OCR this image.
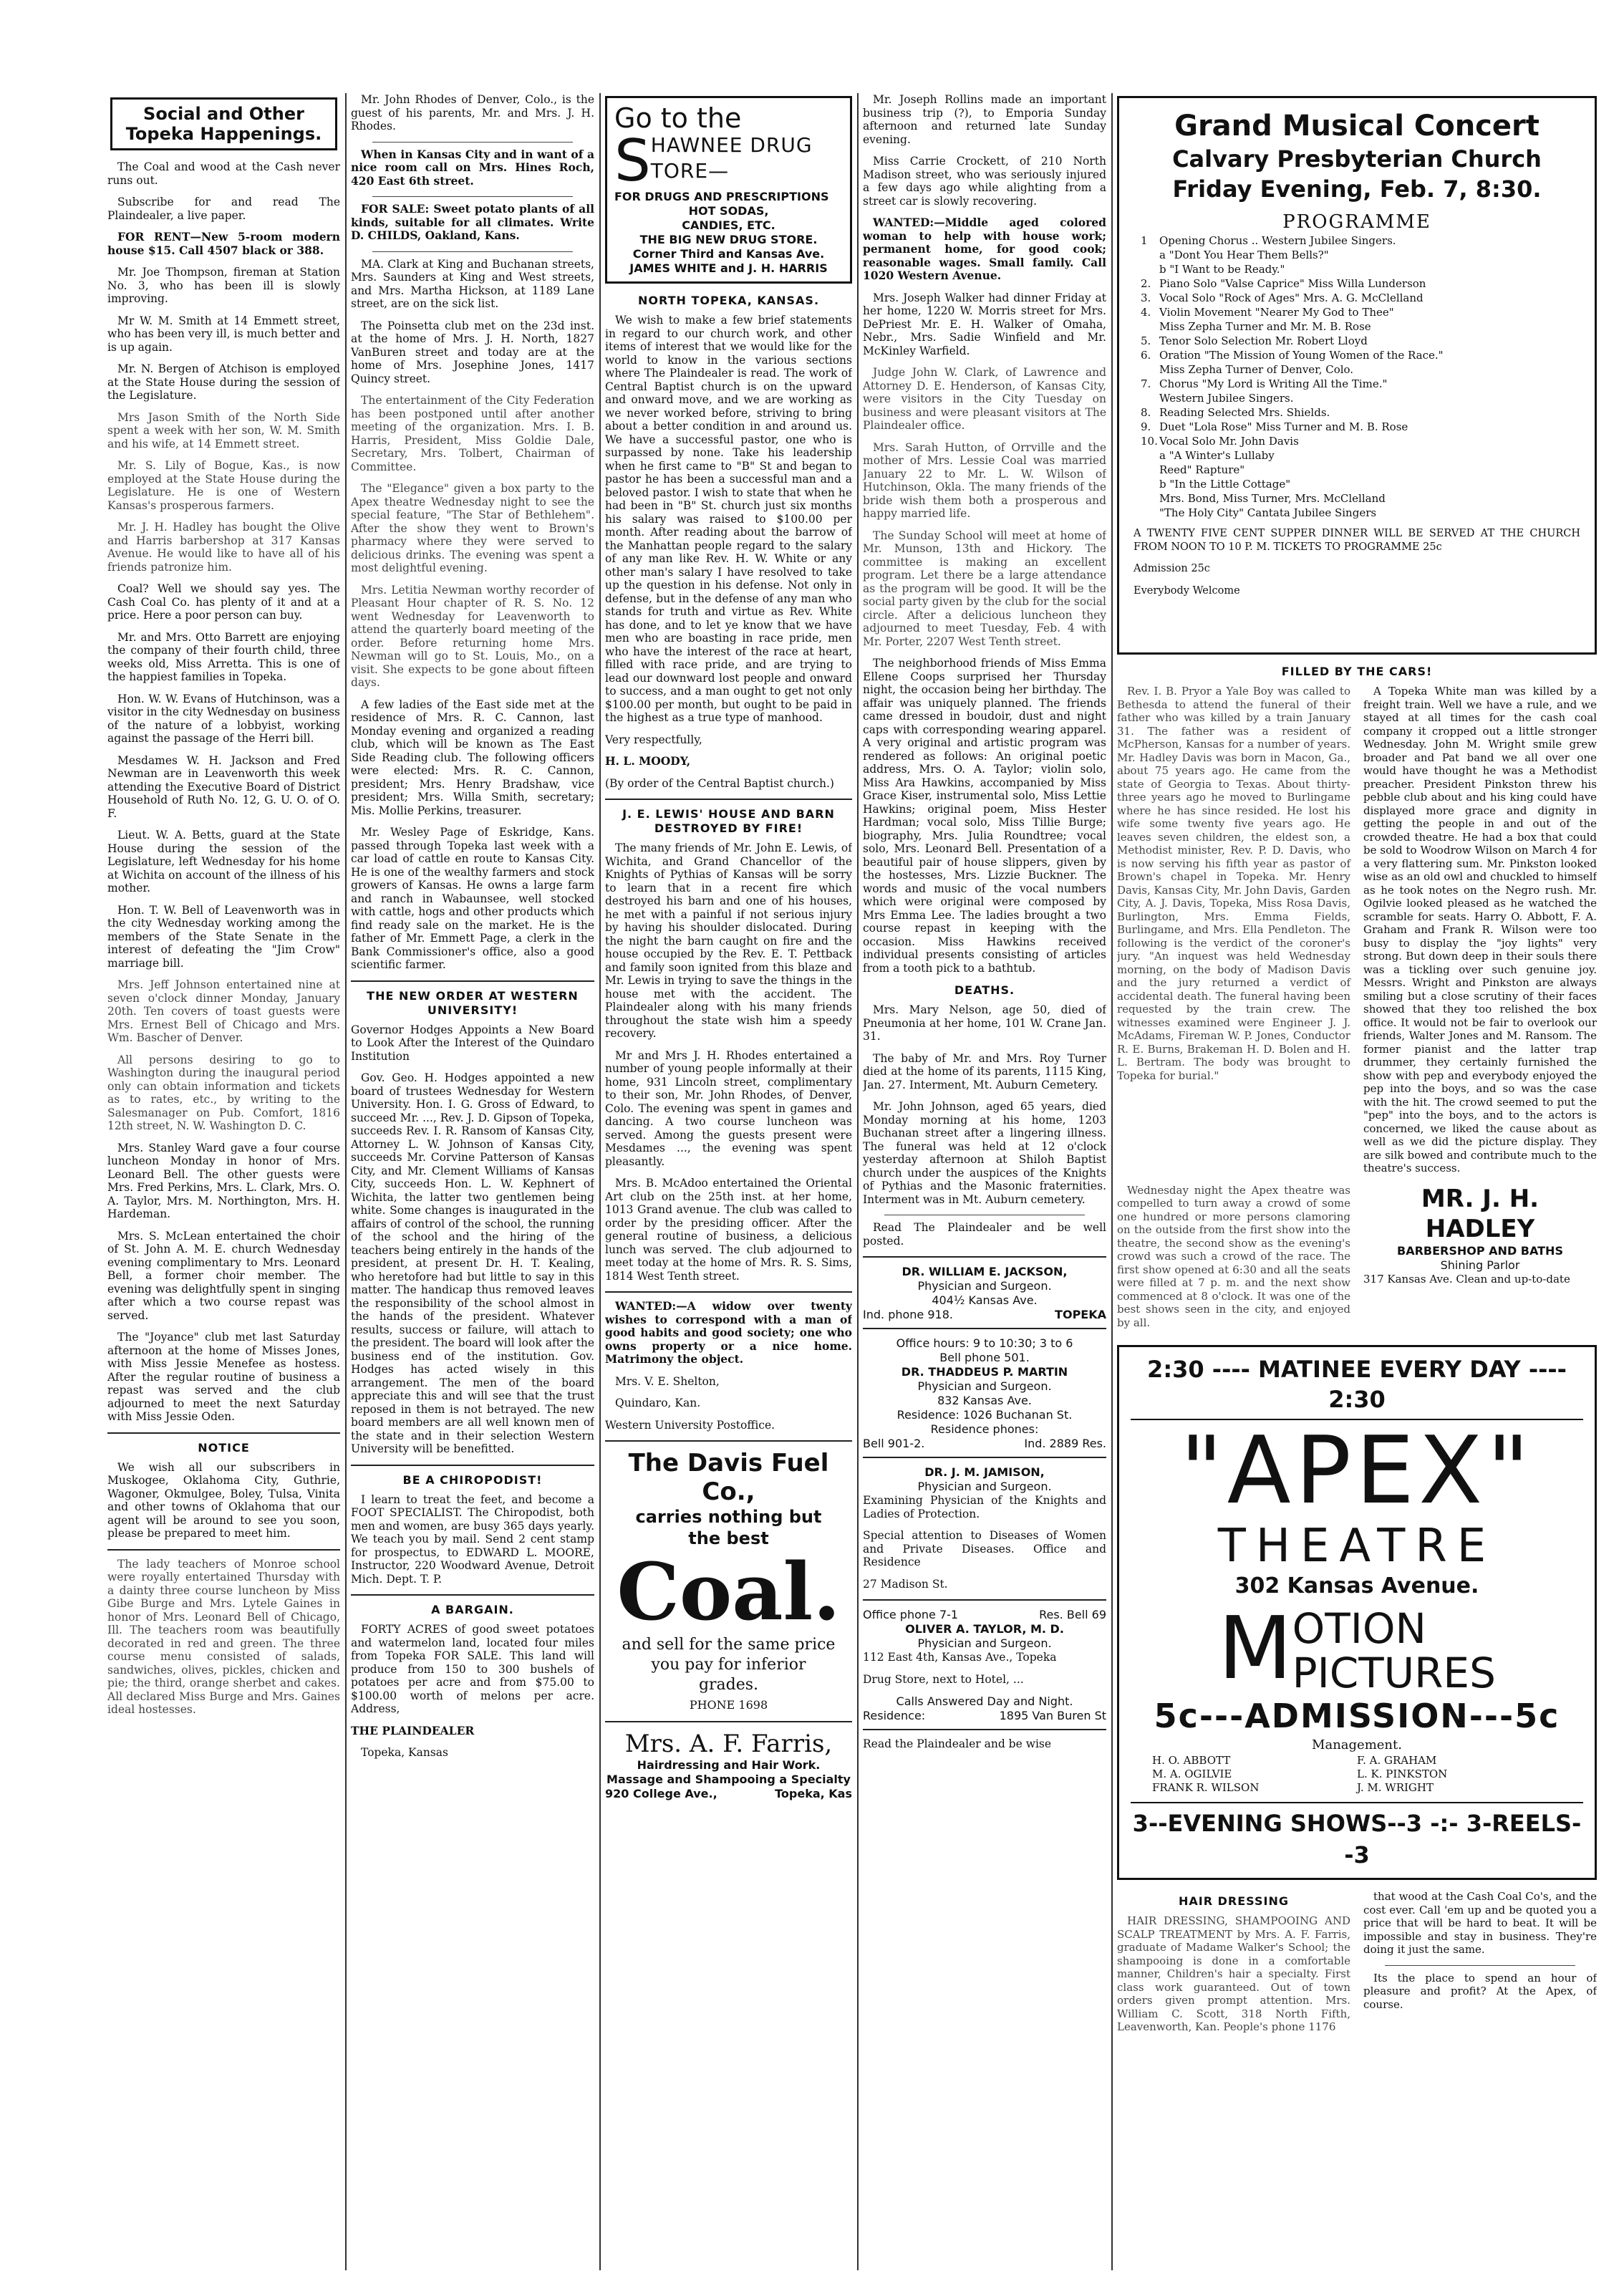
Social and Other Topeka Happenings.

The Coal and wood at the Cash never runs out.

Subscribe for and read The Plaindealer, a live paper.

FOR RENT—New 5-room modern house $15. Call 4507 black or 388.

Mr. Joe Thompson, fireman at Station No. 3, who has been ill is slowly improving.

Mr W. M. Smith at 14 Emmett street, who has been very ill, is much better and is up again.

Mr. N. Bergen of Atchison is employed at the State House during the session of the Legislature.

Mrs Jason Smith of the North Side spent a week with her son, W. M. Smith and his wife, at 14 Emmett street.

Mr. S. Lily of Bogue, Kas., is now employed at the State House during the Legislature. He is one of Western Kansas's prosperous farmers.

Mr. J. H. Hadley has bought the Olive and Harris barbershop at 317 Kansas Avenue. He would like to have all of his friends patronize him.

Coal? Well we should say yes. The Cash Coal Co. has plenty of it and at a price. Here a poor person can buy.

Mr. and Mrs. Otto Barrett are enjoying the company of their fourth child, three weeks old, Miss Arretta. This is one of the happiest families in Topeka.

Hon. W. W. Evans of Hutchinson, was a visitor in the city Wednesday on business of the nature of a lobbyist, working against the passage of the Herri bill.

Mesdames W. H. Jackson and Fred Newman are in Leavenworth this week attending the Executive Board of District Household of Ruth No. 12, G. U. O. of O. F.

Lieut. W. A. Betts, guard at the State House during the session of the Legislature, left Wednesday for his home at Wichita on account of the illness of his mother.

Hon. T. W. Bell of Leavenworth was in the city Wednesday working among the members of the State Senate in the interest of defeating the "Jim Crow" marriage bill.

Mrs. Jeff Johnson entertained nine at seven o'clock dinner Monday, January 20th. Ten covers of toast guests were Mrs. Ernest Bell of Chicago and Mrs. Wm. Bascher of Denver.

All persons desiring to go to Washington during the inaugural period only can obtain information and tickets as to rates, etc., by writing to the Salesmanager on Pub. Comfort, 1816 12th street, N. W. Washington D. C.

Mrs. Stanley Ward gave a four course luncheon Monday in honor of Mrs. Leonard Bell. The other guests were Mrs. Fred Perkins, Mrs. L. Clark, Mrs. O. A. Taylor, Mrs. M. Northington, Mrs. H. Hardeman.

Mrs. S. McLean entertained the choir of St. John A. M. E. church Wednesday evening complimentary to Mrs. Leonard Bell, a former choir member. The evening was delightfully spent in singing after which a two course repast was served.

The "Joyance" club met last Saturday afternoon at the home of Misses Jones, with Miss Jessie Menefee as hostess. After the regular routine of business a repast was served and the club adjourned to meet the next Saturday with Miss Jessie Oden.

NOTICE

We wish all our subscribers in Muskogee, Oklahoma City, Guthrie, Wagoner, Okmulgee, Boley, Tulsa, Vinita and other towns of Oklahoma that our agent will be around to see you soon, please be prepared to meet him.

The lady teachers of Monroe school were royally entertained Thursday with a dainty three course luncheon by Miss Gibe Burge and Mrs. Lytele Gaines in honor of Mrs. Leonard Bell of Chicago, Ill. The teachers room was beautifully decorated in red and green. The three course menu consisted of salads, sandwiches, olives, pickles, chicken and pie; the third, orange sherbet and cakes. All declared Miss Burge and Mrs. Gaines ideal hostesses.

Mr. John Rhodes of Denver, Colo., is the guest of his parents, Mr. and Mrs. J. H. Rhodes.

When in Kansas City and in want of a nice room call on Mrs. Hines Roch, 420 East 6th street.

FOR SALE: Sweet potato plants of all kinds, suitable for all climates. Write D. CHILDS, Oakland, Kans.

MA. Clark at King and Buchanan streets, Mrs. Saunders at King and West streets, and Mrs. Martha Hickson, at 1189 Lane street, are on the sick list.

The Poinsetta club met on the 23d inst. at the home of Mrs. J. H. North, 1827 VanBuren street and today are at the home of Mrs. Josephine Jones, 1417 Quincy street.

The entertainment of the City Federation has been postponed until after another meeting of the organization. Mrs. I. B. Harris, President, Miss Goldie Dale, Secretary, Mrs. Tolbert, Chairman of Committee.

The "Elegance" given a box party to the Apex theatre Wednesday night to see the special feature, "The Star of Bethlehem". After the show they went to Brown's pharmacy where they were served to delicious drinks. The evening was spent a most delightful evening.

Mrs. Letitia Newman worthy recorder of Pleasant Hour chapter of R. S. No. 12 went Wednesday for Leavenworth to attend the quarterly board meeting of the order. Before returning home Mrs. Newman will go to St. Louis, Mo., on a visit. She expects to be gone about fifteen days.

A few ladies of the East side met at the residence of Mrs. R. C. Cannon, last Monday evening and organized a reading club, which will be known as The East Side Reading club. The following officers were elected: Mrs. R. C. Cannon, president; Mrs. Henry Bradshaw, vice president; Mrs. Willa Smith, secretary; Mis. Mollie Perkins, treasurer.

Mr. Wesley Page of Eskridge, Kans. passed through Topeka last week with a car load of cattle en route to Kansas City. He is one of the wealthy farmers and stock growers of Kansas. He owns a large farm and ranch in Wabaunsee, well stocked with cattle, hogs and other products which find ready sale on the market. He is the father of Mr. Emmett Page, a clerk in the Bank Commissioner's office, also a good scientific farmer.

THE NEW ORDER AT WESTERN UNIVERSITY!

Governor Hodges Appoints a New Board to Look After the Interest of the Quindaro Institution

Gov. Geo. H. Hodges appointed a new board of trustees Wednesday for Western University. Hon. I. G. Gross of Edward, to succeed Mr. ..., Rev. J. D. Gipson of Topeka, succeeds Rev. I. R. Ransom of Kansas City, Attorney L. W. Johnson of Kansas City, succeeds Mr. Corvine Patterson of Kansas City, and Mr. Clement Williams of Kansas City, succeeds Hon. L. W. Kephnert of Wichita, the latter two gentlemen being white. Some changes is inaugurated in the affairs of control of the school, the running of the school and the hiring of the teachers being entirely in the hands of the president, at present Dr. H. T. Kealing, who heretofore had but little to say in this matter. The handicap thus removed leaves the responsibility of the school almost in the hands of the president. Whatever results, success or failure, will attach to the president. The board will look after the business end of the institution. Gov. Hodges has acted wisely in this arrangement. The men of the board appreciate this and will see that the trust reposed in them is not betrayed. The new board members are all well known men of the state and in their selection Western University will be benefitted.

BE A CHIROPODIST!

I learn to treat the feet, and become a FOOT SPECIALIST. The Chiropodist, both men and women, are busy 365 days yearly. We teach you by mail. Send 2 cent stamp for prospectus, to EDWARD L. MOORE, Instructor, 220 Woodward Avenue, Detroit Mich. Dept. T. P.

A BARGAIN.

FORTY ACRES of good sweet potatoes and watermelon land, located four miles from Topeka FOR SALE. This land will produce from 150 to 300 bushels of potatoes per acre and from $75.00 to $100.00 worth of melons per acre. Address,

THE PLAINDEALER

Topeka, Kansas

Go to the
S HAWNEE DRUG
TORE—
FOR DRUGS AND PRESCRIPTIONS
HOT SODAS,
CANDIES, ETC.
THE BIG NEW DRUG STORE.
Corner Third and Kansas Ave.
JAMES WHITE and J. H. HARRIS
NORTH TOPEKA, KANSAS.

We wish to make a few brief statements in regard to our church work, and other items of interest that we would like for the world to know in the various sections where The Plaindealer is read. The work of Central Baptist church is on the upward and onward move, and we are working as we never worked before, striving to bring about a better condition in and around us. We have a successful pastor, one who is surpassed by none. Take his leadership when he first came to "B" St and began to pastor he has been a successful man and a beloved pastor. I wish to state that when he had been in "B" St. church just six months his salary was raised to $100.00 per month. After reading about the barrow of the Manhattan people regard to the salary of any man like Rev. H. W. White or any other man's salary I have resolved to take up the question in his defense. Not only in defense, but in the defense of any man who stands for truth and virtue as Rev. White has done, and to let ye know that we have men who are boasting in race pride, men who have the interest of the race at heart, filled with race pride, and are trying to lead our downward lost people and onward to success, and a man ought to get not only $100.00 per month, but ought to be paid in the highest as a true type of manhood.

Very respectfully,

H. L. MOODY,

(By order of the Central Baptist church.)

J. E. LEWIS' HOUSE AND BARN DESTROYED BY FIRE!

The many friends of Mr. John E. Lewis, of Wichita, and Grand Chancellor of the Knights of Pythias of Kansas will be sorry to learn that in a recent fire which destroyed his barn and one of his houses, he met with a painful if not serious injury by having his shoulder dislocated. During the night the barn caught on fire and the house occupied by the Rev. E. T. Pettback and family soon ignited from this blaze and Mr. Lewis in trying to save the things in the house met with the accident. The Plaindealer along with his many friends throughout the state wish him a speedy recovery.

Mr and Mrs J. H. Rhodes entertained a number of young people informally at their home, 931 Lincoln street, complimentary to their son, Mr. John Rhodes, of Denver, Colo. The evening was spent in games and dancing. A two course luncheon was served. Among the guests present were Mesdames ..., the evening was spent pleasantly.

Mrs. B. McAdoo entertained the Oriental Art club on the 25th inst. at her home, 1013 Grand avenue. The club was called to order by the presiding officer. After the general routine of business, a delicious lunch was served. The club adjourned to meet today at the home of Mrs. R. S. Sims, 1814 West Tenth street.

WANTED:—A widow over twenty wishes to correspond with a man of good habits and good society; one who owns property or a nice home. Matrimony the object.

Mrs. V. E. Shelton,

Quindaro, Kan.

Western University Postoffice.

The Davis Fuel Co.,
carries nothing but
the best
Coal.
and sell for the same price
you pay for inferior
grades.
PHONE 1698
Mrs. A. F. Farris,
Hairdressing and Hair Work.
Massage and Shampooing a Specialty
920 College Ave.,	Topeka, Kas

Mr. Joseph Rollins made an important business trip (?), to Emporia Sunday afternoon and returned late Sunday evening.

Miss Carrie Crockett, of 210 North Madison street, who was seriously injured a few days ago while alighting from a street car is slowly recovering.

WANTED:—Middle aged colored woman to help with house work; permanent home, for good cook; reasonable wages. Small family. Call 1020 Western Avenue.

Mrs. Joseph Walker had dinner Friday at her home, 1220 W. Morris street for Mrs. DePriest Mr. E. H. Walker of Omaha, Nebr., Mrs. Sadie Winfield and Mr. McKinley Warfield.

Judge John W. Clark, of Lawrence and Attorney D. E. Henderson, of Kansas City, were visitors in the City Tuesday on business and were pleasant visitors at The Plaindealer office.

Mrs. Sarah Hutton, of Orrville and the mother of Mrs. Lessie Coal was married January 22 to Mr. L. W. Wilson of Hutchinson, Okla. The many friends of the bride wish them both a prosperous and happy married life.

The Sunday School will meet at home of Mr. Munson, 13th and Hickory. The committee is making an excellent program. Let there be a large attendance as the program will be good. It will be the social party given by the club for the social circle. After a delicious luncheon they adjourned to meet Tuesday, Feb. 4 with Mr. Porter, 2207 West Tenth street.

The neighborhood friends of Miss Emma Ellene Coops surprised her Thursday night, the occasion being her birthday. The affair was uniquely planned. The friends came dressed in boudoir, dust and night caps with corresponding wearing apparel. A very original and artistic program was rendered as follows: An original poetic address, Mrs. O. A. Taylor; violin solo, Miss Ara Hawkins, accompanied by Miss Grace Kiser, instrumental solo, Miss Lettie Hawkins; original poem, Miss Hester Hardman; vocal solo, Miss Tillie Burge; biography, Mrs. Julia Roundtree; vocal solo, Mrs. Leonard Bell. Presentation of a beautiful pair of house slippers, given by the hostesses, Mrs. Lizzie Buckner. The words and music of the vocal numbers which were original were composed by Mrs Emma Lee. The ladies brought a two course repast in keeping with the occasion. Miss Hawkins received individual presents consisting of articles from a tooth pick to a bathtub.

DEATHS.

Mrs. Mary Nelson, age 50, died of Pneumonia at her home, 101 W. Crane Jan. 31.

The baby of Mr. and Mrs. Roy Turner died at the home of its parents, 1115 King, Jan. 27. Interment, Mt. Auburn Cemetery.

Mr. John Johnson, aged 65 years, died Monday morning at his home, 1203 Buchanan street after a lingering illness. The funeral was held at 12 o'clock yesterday afternoon at Shiloh Baptist church under the auspices of the Knights of Pythias and the Masonic fraternities. Interment was in Mt. Auburn cemetery.

Read The Plaindealer and be well posted.

DR. WILLIAM E. JACKSON,
Physician and Surgeon.
404½ Kansas Ave.
Ind. phone 918.	TOPEKA
Office hours: 9 to 10:30; 3 to 6
Bell phone 501.
DR. THADDEUS P. MARTIN
Physician and Surgeon.
832 Kansas Ave.
Residence: 1026 Buchanan St.
Residence phones:
Bell 901-2.	Ind. 2889 Res.
DR. J. M. JAMISON,
Physician and Surgeon.

Examining Physician of the Knights and Ladies of Protection.

Special attention to Diseases of Women and Private Diseases. Office and Residence

27 Madison St.

Office phone 7-1	Res. Bell 69
OLIVER A. TAYLOR, M. D.
Physician and Surgeon.

112 East 4th, Kansas Ave., Topeka

Drug Store, next to Hotel, ...

Calls Answered Day and Night.
Residence:	1895 Van Buren St

Read the Plaindealer and be wise

Grand Musical Concert
Calvary Presbyterian Church
Friday Evening, Feb. 7, 8:30.
PROGRAMME
1 Opening Chorus .. Western Jubilee Singers.
a "Dont You Hear Them Bells?"
b "I Want to be Ready."
2. Piano Solo "Valse Caprice" Miss Willa Lunderson
3. Vocal Solo "Rock of Ages" Mrs. A. G. McClelland
4. Violin Movement "Nearer My God to Thee"
Miss Zepha Turner and Mr. M. B. Rose
5. Tenor Solo Selection Mr. Robert Lloyd
6. Oration "The Mission of Young Women of the Race."
Miss Zepha Turner of Denver, Colo.
7. Chorus "My Lord is Writing All the Time."
Western Jubilee Singers.
8. Reading Selected Mrs. Shields.
9. Duet "Lola Rose" Miss Turner and M. B. Rose
10. Vocal Solo Mr. John Davis
a "A Winter's Lullaby
Reed" Rapture"
b "In the Little Cottage"
Mrs. Bond, Miss Turner, Mrs. McClelland
"The Holy City" Cantata Jubilee Singers

A TWENTY FIVE CENT SUPPER DINNER WILL BE SERVED AT THE CHURCH FROM NOON TO 10 P. M. TICKETS TO PROGRAMME 25c

Admission 25c

Everybody Welcome

FILLED BY THE CARS!

Rev. I. B. Pryor a Yale Boy was called to Bethesda to attend the funeral of their father who was killed by a train January 31. The father was a resident of McPherson, Kansas for a number of years. Mr. Hadley Davis was born in Macon, Ga., about 75 years ago. He came from the state of Georgia to Texas. About thirty-three years ago he moved to Burlingame where he has since resided. He lost his wife some twenty five years ago. He leaves seven children, the eldest son, a Methodist minister, Rev. P. D. Davis, who is now serving his fifth year as pastor of Brown's chapel in Topeka. Mr. Henry Davis, Kansas City, Mr. John Davis, Garden City, A. J. Davis, Topeka, Miss Rosa Davis, Burlington, Mrs. Emma Fields, Burlingame, and Mrs. Ella Pendleton. The following is the verdict of the coroner's jury. "An inquest was held Wednesday morning, on the body of Madison Davis and the jury returned a verdict of accidental death. The funeral having been requested by the train crew. The witnesses examined were Engineer J. J. McAdams, Fireman W. P. Jones, Conductor R. E. Burns, Brakeman H. D. Bolen and H. L. Bertram. The body was brought to Topeka for burial."

A Topeka White man was killed by a freight train. Well we have a rule, and we stayed at all times for the cash coal company it cropped out a little stronger Wednesday. John M. Wright smile grew broader and Pat band we all over one would have thought he was a Methodist preacher. President Pinkston threw his pebble club about and his king could have displayed more grace and dignity in getting the people in and out of the crowded theatre. He had a box that could be sold to Woodrow Wilson on March 4 for a very flattering sum. Mr. Pinkston looked wise as an old owl and chuckled to himself as he took notes on the Negro rush. Mr. Ogilvie looked pleased as he watched the scramble for seats. Harry O. Abbott, F. A. Graham and Frank R. Wilson were too busy to display the "joy lights" very strong. But down deep in their souls there was a tickling over such genuine joy. Messrs. Wright and Pinkston are always smiling but a close scrutiny of their faces showed that they too relished the box office. It would not be fair to overlook our friends, Walter Jones and M. Ransom. The former pianist and the latter trap drummer, they certainly furnished the show with pep and everybody enjoyed the pep into the boys, and so was the case with the hit. The crowd seemed to put the "pep" into the boys, and to the actors is concerned, we liked the cause about as well as we did the picture display. They are silk bowed and contribute much to the theatre's success.

Wednesday night the Apex theatre was compelled to turn away a crowd of some one hundred or more persons clamoring on the outside from the first show into the theatre, the second show as the evening's crowd was such a crowd of the race. The first show opened at 6:30 and all the seats were filled at 7 p. m. and the next show commenced at 8 o'clock. It was one of the best shows seen in the city, and enjoyed by all.

MR. J. H. HADLEY
BARBERSHOP AND BATHS
Shining Parlor

317 Kansas Ave. Clean and up-to-date

2:30 ---- MATINEE EVERY DAY ---- 2:30
"APEX"
THEATRE
302 Kansas Avenue.
M OTION
PICTURES
5c---ADMISSION---5c
Management.
H. O. ABBOTT	F. A. GRAHAM
M. A. OGILVIE	L. K. PINKSTON
FRANK R. WILSON	J. M. WRIGHT
3--EVENING SHOWS--3 -:- 3-REELS--3
HAIR DRESSING

HAIR DRESSING, SHAMPOOING AND SCALP TREATMENT by Mrs. A. F. Farris, graduate of Madame Walker's School; the shampooing is done in a comfortable manner, Children's hair a specialty. First class work guaranteed. Out of town orders given prompt attention. Mrs. William C. Scott, 318 North Fifth, Leavenworth, Kan. People's phone 1176

that wood at the Cash Coal Co's, and the cost ever. Call 'em up and be quoted you a price that will be hard to beat. It will be impossible and stay in business. They're doing it just the same.

Its the place to spend an hour of pleasure and profit? At the Apex, of course.
